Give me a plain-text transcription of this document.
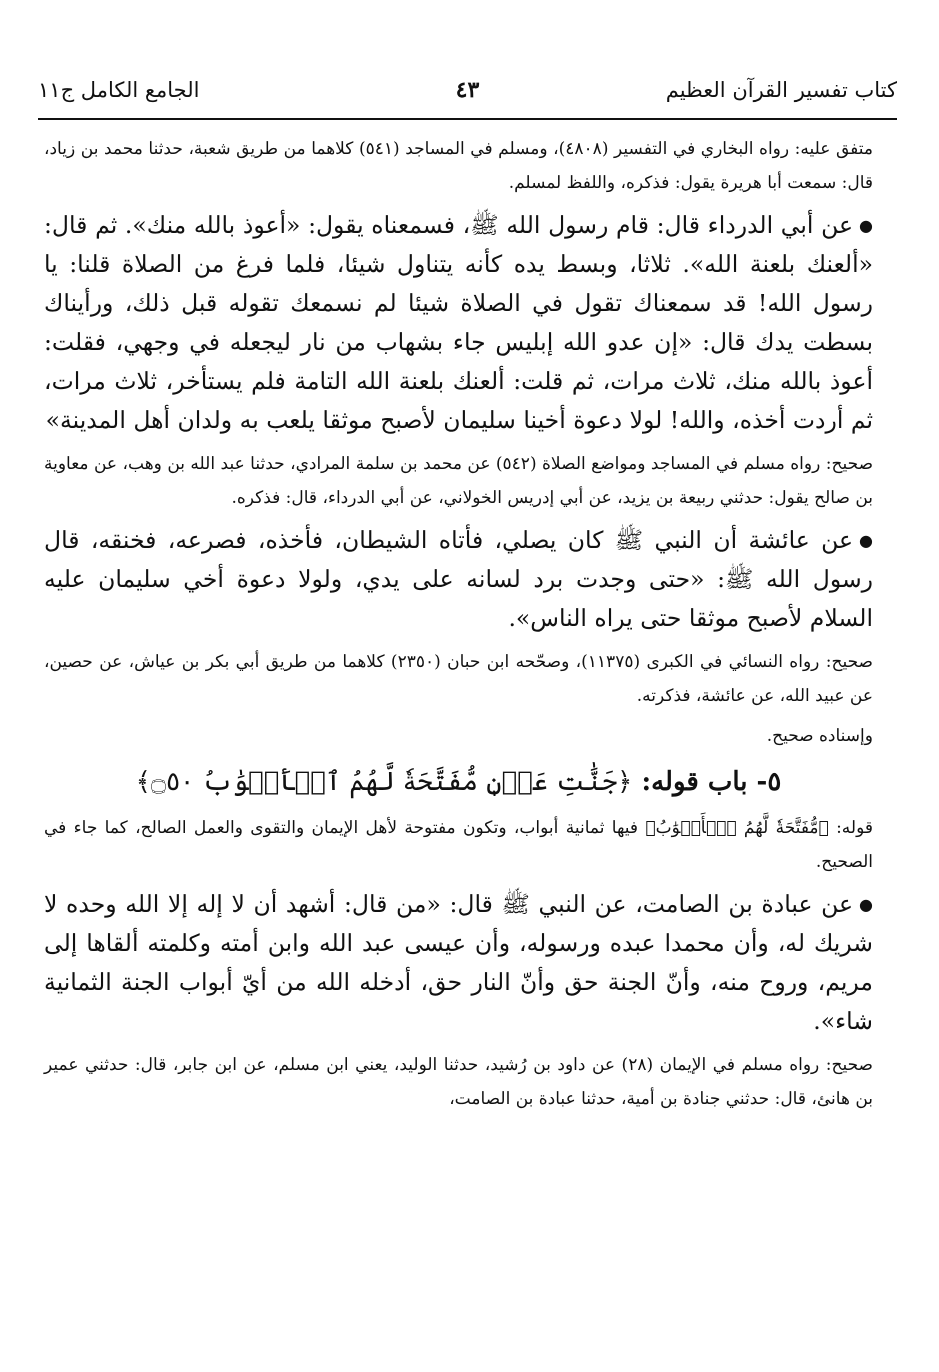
كتاب تفسير القرآن العظيم
٤٣
الجامع الكامل ج١١

متفق عليه: رواه البخاري في التفسير (٤٨٠٨)، ومسلم في المساجد (٥٤١) كلاهما من طريق شعبة، حدثنا محمد بن زياد، قال: سمعت أبا هريرة يقول: فذكره، واللفظ لمسلم.

●عن أبي الدرداء قال: قام رسول الله ﷺ، فسمعناه يقول: «أعوذ بالله منك». ثم قال: «ألعنك بلعنة الله». ثلاثا، وبسط يده كأنه يتناول شيئا، فلما فرغ من الصلاة قلنا: يا رسول الله! قد سمعناك تقول في الصلاة شيئا لم نسمعك تقوله قبل ذلك، ورأيناك بسطت يدك قال: «إن عدو الله إبليس جاء بشهاب من نار ليجعله في وجهي، فقلت: أعوذ بالله منك، ثلاث مرات، ثم قلت: ألعنك بلعنة الله التامة فلم يستأخر، ثلاث مرات، ثم أردت أخذه، والله! لولا دعوة أخينا سليمان لأصبح موثقا يلعب به ولدان أهل المدينة»

صحيح: رواه مسلم في المساجد ومواضع الصلاة (٥٤٢) عن محمد بن سلمة المرادي، حدثنا عبد الله بن وهب، عن معاوية بن صالح يقول: حدثني ربيعة بن يزيد، عن أبي إدريس الخولاني، عن أبي الدرداء، قال: فذكره.

●عن عائشة أن النبي ﷺ كان يصلي، فأتاه الشيطان، فأخذه، فصرعه، فخنقه، قال رسول الله ﷺ: «حتى وجدت برد لسانه على يدي، ولولا دعوة أخي سليمان عليه السلام لأصبح موثقا حتى يراه الناس».

صحيح: رواه النسائي في الكبرى (١١٣٧٥)، وصحّحه ابن حبان (٢٣٥٠) كلاهما من طريق أبي بكر بن عياش، عن حصين، عن عبيد الله، عن عائشة، فذكرته.

وإسناده صحيح.

٥- باب قوله: ﴿جَنَّٰتِ عَدۡنٖ مُّفَتَّحَةٗ لَّهُمُ ٱلۡأَبۡوَٰبُ ۝٥٠﴾

قوله: ﴿مُّفَتَّحَةٗ لَّهُمُ ٱلۡأَبۡوَٰبُ﴾ فيها ثمانية أبواب، وتكون مفتوحة لأهل الإيمان والتقوى والعمل الصالح، كما جاء في الصحيح.

●عن عبادة بن الصامت، عن النبي ﷺ قال: «من قال: أشهد أن لا إله إلا الله وحده لا شريك له، وأن محمدا عبده ورسوله، وأن عيسى عبد الله وابن أمته وكلمته ألقاها إلى مريم، وروح منه، وأنّ الجنة حق وأنّ النار حق، أدخله الله من أيّ أبواب الجنة الثمانية شاء».

صحيح: رواه مسلم في الإيمان (٢٨) عن داود بن رُشيد، حدثنا الوليد، يعني ابن مسلم، عن ابن جابر، قال: حدثني عمير بن هانئ، قال: حدثني جنادة بن أمية، حدثنا عبادة بن الصامت،
